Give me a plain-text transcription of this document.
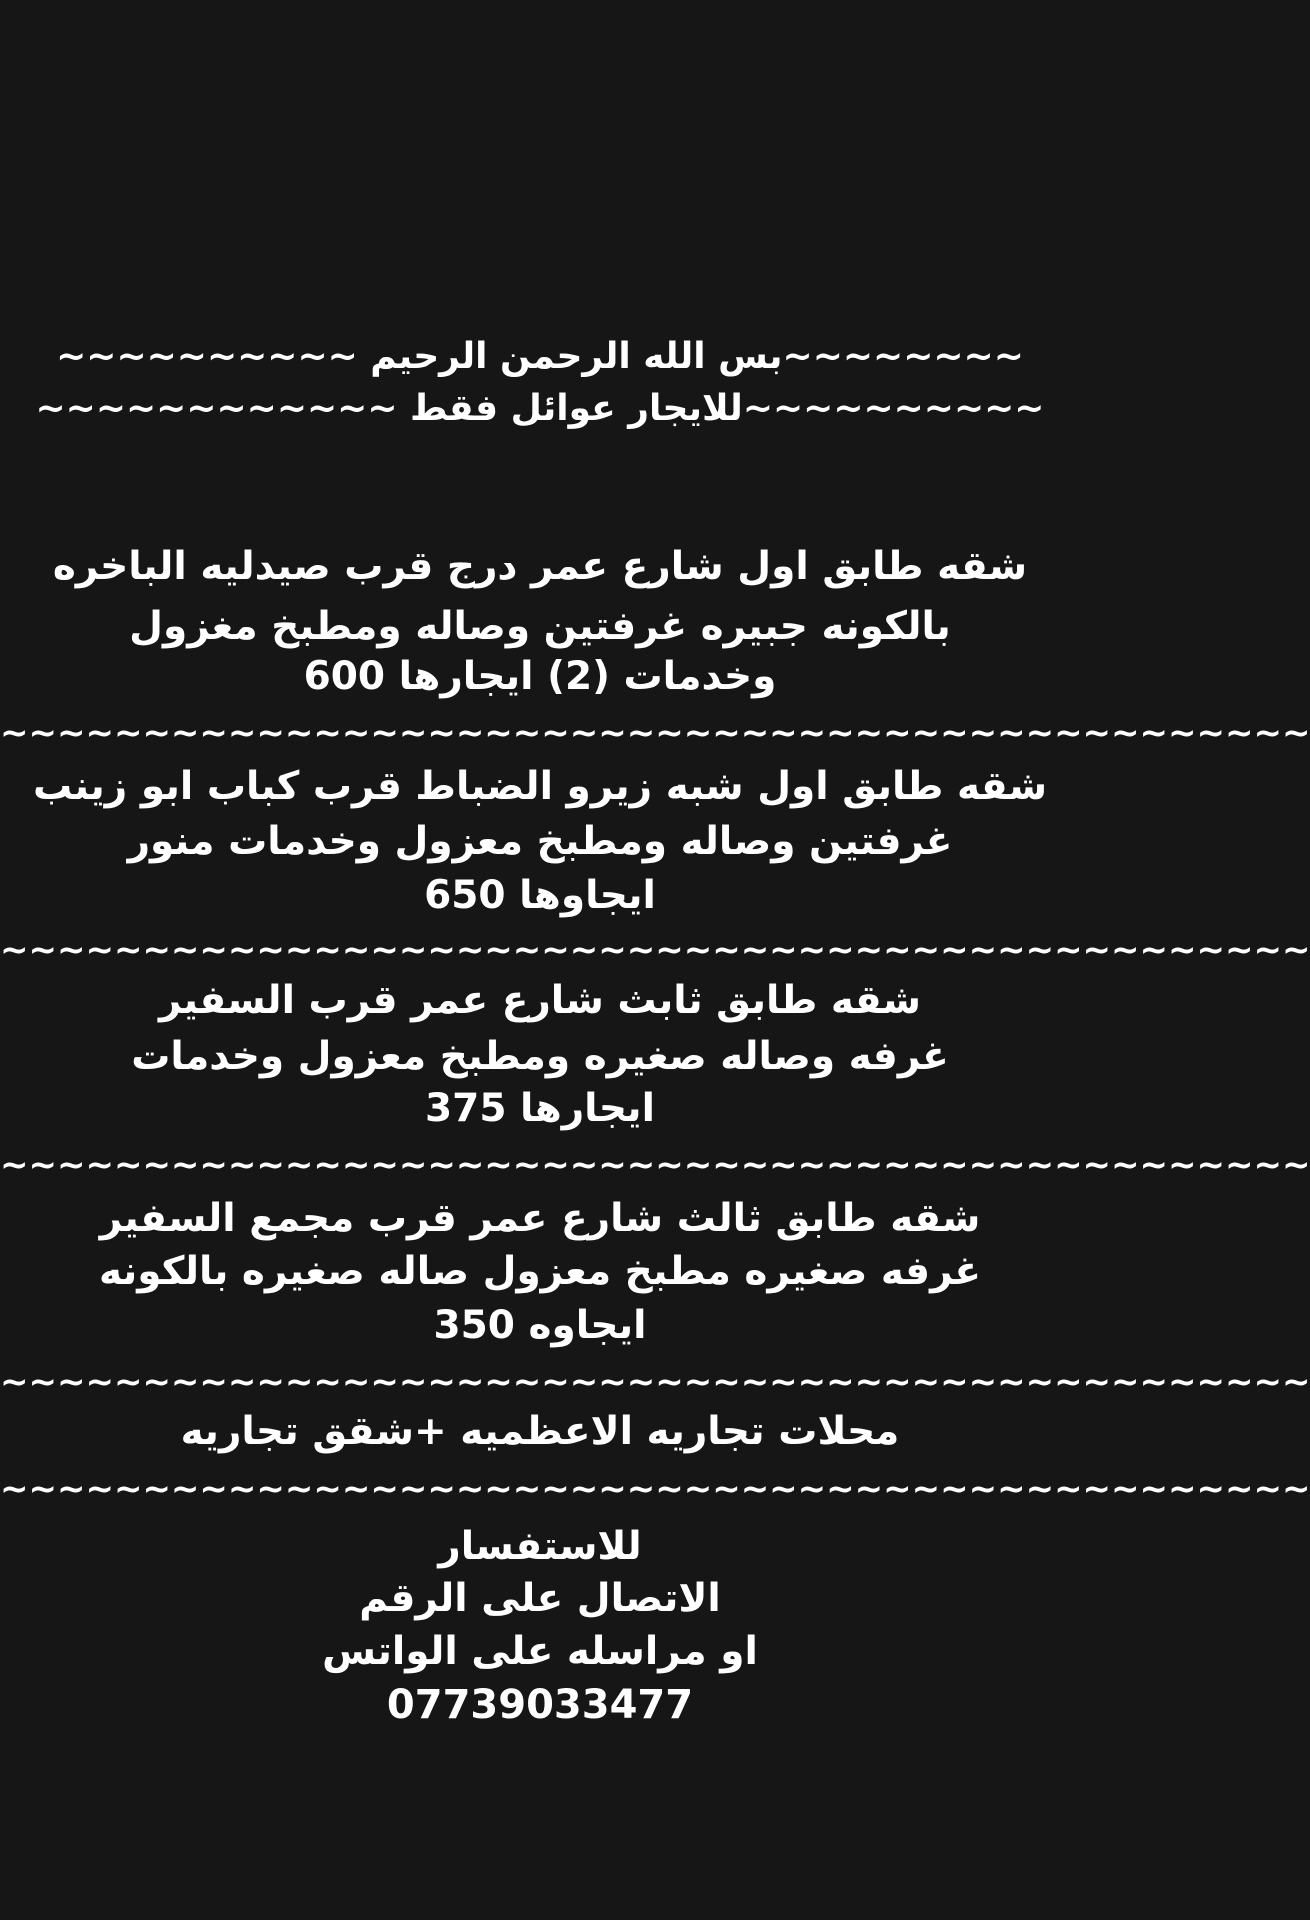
~~~~~~~~بس الله الرحمن الرحيم ~~~~~~~~~~
~~~~~~~~~~للايجار عوائل فقط ~~~~~~~~~~~~
شقه طابق اول شارع عمر درج قرب صيدليه الباخره
بالكونه جبيره غرفتين وصاله ومطبخ مغزول
وخدمات (2) ايجارها 600
~~~~~~~~~~~~~~~~~~~~~~~~~~~~~~~~~~~~~~~~~~~~~~
شقه طابق اول شبه زيرو الضباط قرب كباب ابو زينب
غرفتين وصاله ومطبخ معزول وخدمات منور
ايجاوها 650
~~~~~~~~~~~~~~~~~~~~~~~~~~~~~~~~~~~~~~~~~~~~~~
شقه طابق ثابث شارع عمر قرب السفير
غرفه وصاله صغيره ومطبخ معزول وخدمات
ايجارها 375
~~~~~~~~~~~~~~~~~~~~~~~~~~~~~~~~~~~~~~~~~~~~~~
شقه طابق ثالث شارع عمر قرب مجمع السفير
غرفه صغيره مطبخ معزول صاله صغيره بالكونه
ايجاوه 350
~~~~~~~~~~~~~~~~~~~~~~~~~~~~~~~~~~~~~~~~~~~~~~
محلات تجاريه الاعظميه +شقق تجاريه
~~~~~~~~~~~~~~~~~~~~~~~~~~~~~~~~~~~~~~~~~~~~~~
للاستفسار
الاتصال على الرقم
او مراسله على الواتس
07739033477
